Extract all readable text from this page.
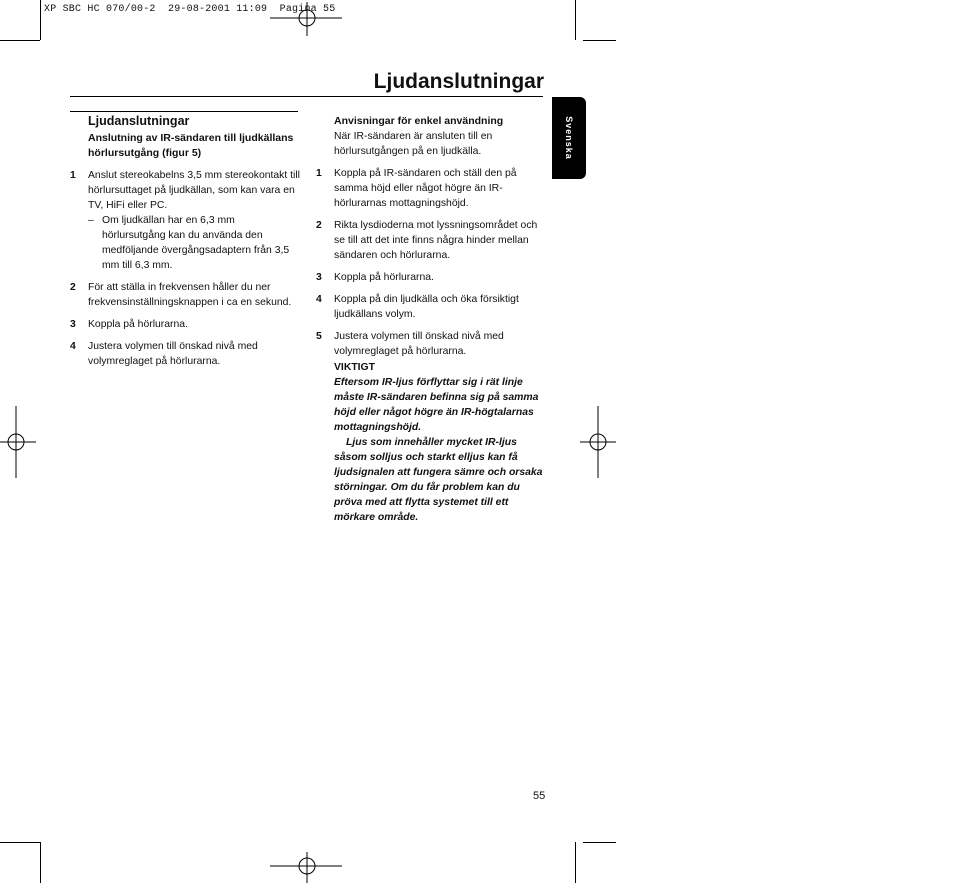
XP SBC HC 070/00-2  29-08-2001 11:09  Pagina 55
Ljudanslutningar
Svenska
Ljudanslutningar
Anslutning av IR-sändaren till ljudkällans hörlursutgång (figur 5)
1	Anslut stereokabelns 3,5 mm stereokontakt till hörlursuttaget på ljudkällan, som kan vara en TV, HiFi eller PC.
– Om ljudkällan har en 6,3 mm hörlursutgång kan du använda den medföljande övergångsadaptern från 3,5 mm till 6,3 mm.
2	För att ställa in frekvensen håller du ner frekvensinställningsknappen i ca en sekund.
3	Koppla på hörlurarna.
4	Justera volymen till önskad nivå med volymreglaget på hörlurarna.
Anvisningar för enkel användning
När IR-sändaren är ansluten till en hörlursutgången på en ljudkälla.
1	Koppla på IR-sändaren och ställ den på samma höjd eller något högre än IR-hörlurarnas mottagningshöjd.
2	Rikta lysdioderna mot lyssningsområdet och se till att det inte finns några hinder mellan sändaren och hörlurarna.
3	Koppla på hörlurarna.
4	Koppla på din ljudkälla och öka försiktigt ljudkällans volym.
5	Justera volymen till önskad nivå med volymreglaget på hörlurarna.
VIKTIGT
Eftersom IR-ljus förflyttar sig i rät linje måste IR-sändaren befinna sig på samma höjd eller något högre än IR-högtalarnas mottagningshöjd.
Ljus som innehåller mycket IR-ljus såsom solljus och starkt elljus kan få ljudsignalen att fungera sämre och orsaka störningar. Om du får problem kan du pröva med att flytta systemet till ett mörkare område.
55
